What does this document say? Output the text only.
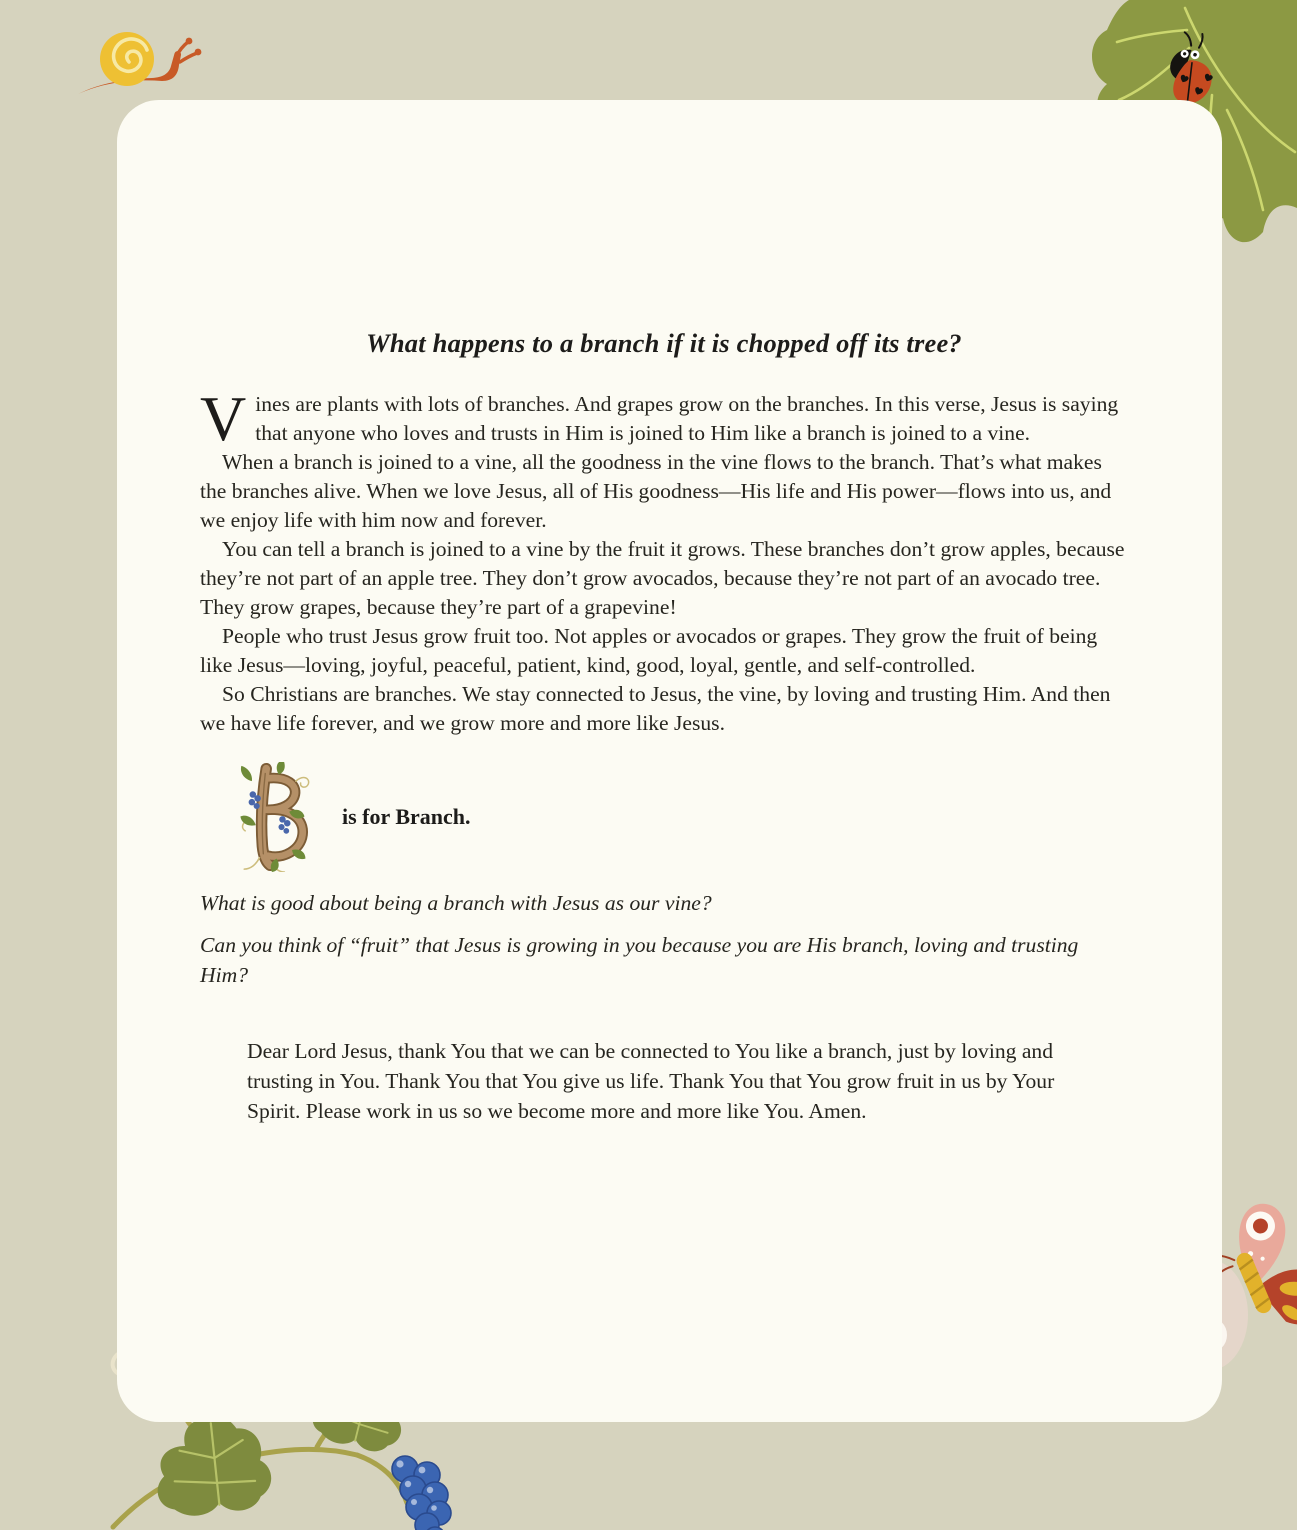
What happens to a branch if it is chopped off its tree?

Vines are plants with lots of branches. And grapes grow on the branches. In this verse, Jesus is saying that anyone who loves and trusts in Him is joined to Him like a branch is joined to a vine.

When a branch is joined to a vine, all the goodness in the vine flows to the branch. That’s what makes the branches alive. When we love Jesus, all of His goodness—His life and His power—flows into us, and we enjoy life with him now and forever.

You can tell a branch is joined to a vine by the fruit it grows. These branches don’t grow apples, because they’re not part of an apple tree. They don’t grow avocados, because they’re not part of an avocado tree. They grow grapes, because they’re part of a grapevine!

People who trust Jesus grow fruit too. Not apples or avocados or grapes. They grow the fruit of being like Jesus—loving, joyful, peaceful, patient, kind, good, loyal, gentle, and self-controlled.

So Christians are branches. We stay connected to Jesus, the vine, by loving and trusting Him. And then we have life forever, and we grow more and more like Jesus.

is for Branch.

What is good about being a branch with Jesus as our vine?

Can you think of “fruit” that Jesus is growing in you because you are His branch, loving and trusting Him?

Dear Lord Jesus, thank You that we can be connected to You like a branch, just by loving and trusting in You. Thank You that You give us life. Thank You that You grow fruit in us by Your Spirit. Please work in us so we become more and more like You. Amen.
